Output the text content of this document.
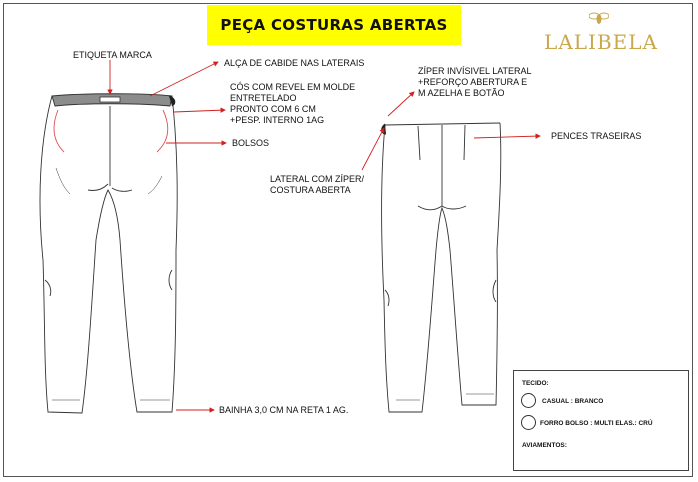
PEÇA COSTURAS ABERTAS
LALIBELA
ETIQUETA MARCA
ALÇA DE CABIDE NAS LATERAIS
CÓS COM REVEL EM MOLDE
ENTRETELADO
PRONTO COM 6 CM
+PESP. INTERNO 1AG
BOLSOS
BAINHA 3,0 CM NA RETA 1 AG.
ZÍPER INVÍSIVEL LATERAL
+REFORÇO ABERTURA E
M AZELHA E BOTÃO
PENCES TRASEIRAS
LATERAL COM ZÍPER/
COSTURA ABERTA
TECIDO:
CASUAL : BRANCO
FORRO BOLSO : MULTI ELAS.: CRÚ
AVIAMENTOS:
